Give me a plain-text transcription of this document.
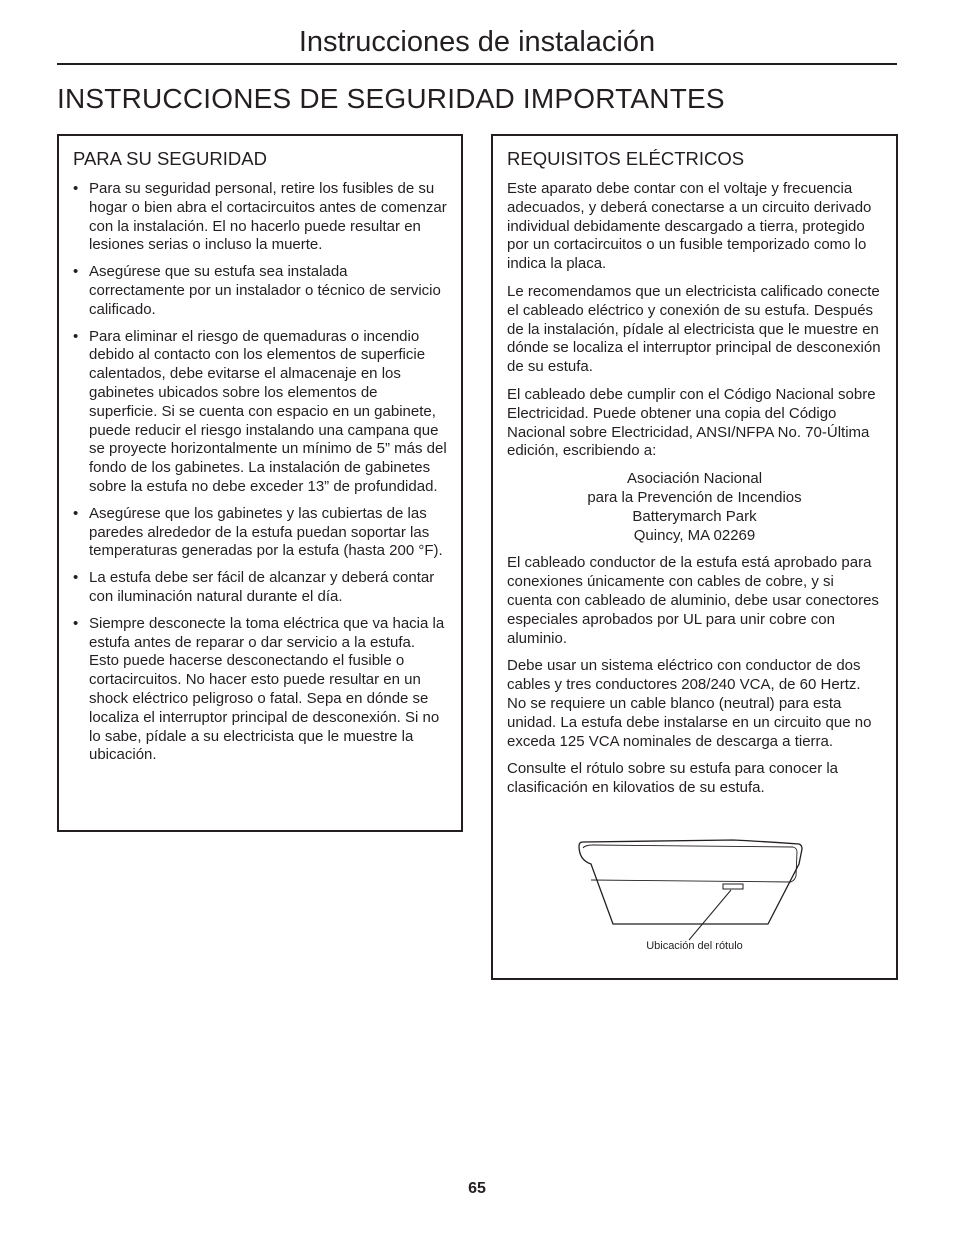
Instrucciones de instalación
INSTRUCCIONES DE SEGURIDAD IMPORTANTES
PARA SU SEGURIDAD
• Para su seguridad personal, retire los fusibles de su hogar o bien abra el cortacircuitos antes de comenzar con la instalación. El no hacerlo puede resultar en lesiones serias o incluso la muerte.
• Asegúrese que su estufa sea instalada correctamente por un instalador o técnico de servicio calificado.
• Para eliminar el riesgo de quemaduras o incendio debido al contacto con los elementos de superficie calentados, debe evitarse el almacenaje en los gabinetes ubicados sobre los elementos de superficie. Si se cuenta con espacio en un gabinete, puede reducir el riesgo instalando una campana que se proyecte horizontalmente un mínimo de 5” más del fondo de los gabinetes. La instalación de gabinetes sobre la estufa no debe exceder 13” de profundidad.
• Asegúrese que los gabinetes y las cubiertas de las paredes alrededor de la estufa puedan soportar las temperaturas generadas por la estufa (hasta 200 °F).
• La estufa debe ser fácil de alcanzar y deberá contar con iluminación natural durante el día.
• Siempre desconecte la toma eléctrica que va hacia la estufa antes de reparar o dar servicio a la estufa. Esto puede hacerse desconectando el fusible o cortacircuitos. No hacer esto puede resultar en un shock eléctrico peligroso o fatal. Sepa en dónde se localiza el interruptor principal de desconexión. Si no lo sabe, pídale a su electricista que le muestre la ubicación.
REQUISITOS ELÉCTRICOS

Este aparato debe contar con el voltaje y frecuencia adecuados, y deberá conectarse a un circuito derivado individual debidamente descargado a tierra, protegido por un cortacircuitos o un fusible temporizado como lo indica la placa.

Le recomendamos que un electricista calificado conecte el cableado eléctrico y conexión de su estufa. Después de la instalación, pídale al electricista que le muestre en dónde se localiza el interruptor principal de desconexión de su estufa.

El cableado debe cumplir con el Código Nacional sobre Electricidad. Puede obtener una copia del Código Nacional sobre Electricidad, ANSI/NFPA No. 70-Última edición, escribiendo a:

Asociación Nacional
para la Prevención de Incendios
Batterymarch Park
Quincy, MA 02269

El cableado conductor de la estufa está aprobado para conexiones únicamente con cables de cobre, y si cuenta con cableado de aluminio, debe usar conectores especiales aprobados por UL para unir cobre con aluminio.

Debe usar un sistema eléctrico con conductor de dos cables y tres conductores 208/240 VCA, de 60 Hertz. No se requiere un cable blanco (neutral) para esta unidad. La estufa debe instalarse en un circuito que no exceda 125 VCA nominales de descarga a tierra.

Consulte el rótulo sobre su estufa para conocer la clasificación en kilovatios de su estufa.

Ubicación del rótulo
65
